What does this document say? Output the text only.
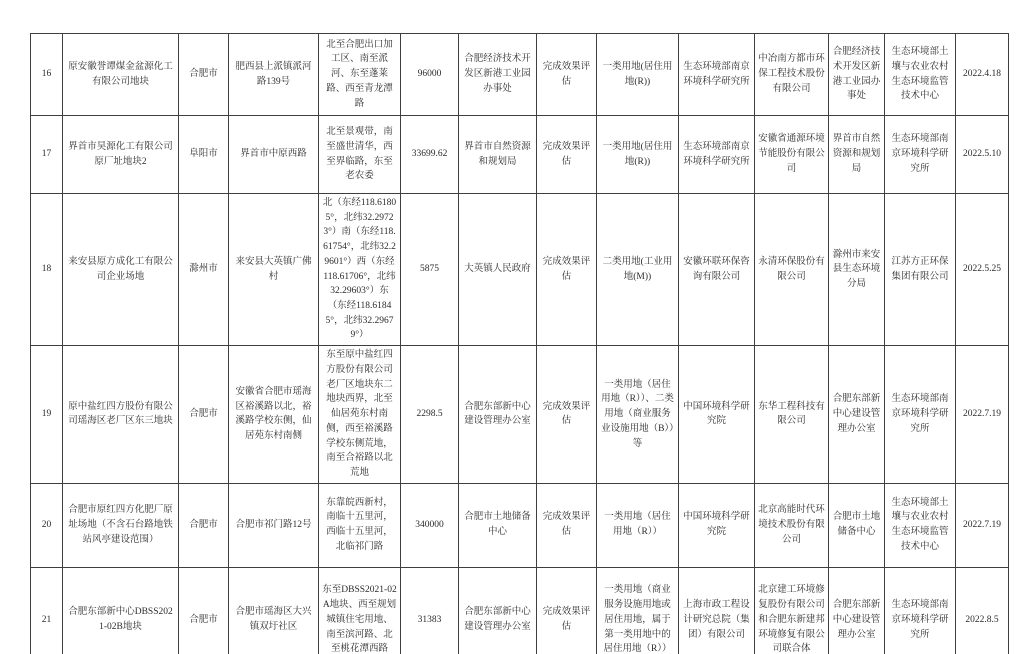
16	原安徽誉谭煤金盆源化工有限公司地块	合肥市	肥西县上派镇派河路139号	北至合肥出口加工区、南至派河、东至蓬莱路、西至青龙潭路	96000	合肥经济技术开发区新港工业园办事处	完成效果评估	一类用地(居住用地(R))	生态环境部南京环境科学研究所	中冶南方都市环保工程技术股份有限公司	合肥经济技术开发区新港工业园办事处	生态环境部土壤与农业农村生态环境监管技术中心	2022.4.18
17	界首市昊源化工有限公司原厂址地块2	阜阳市	界首市中原西路	北至景观带，南至盛世清华，西至界临路，东至老农委	33699.62	界首市自然资源和规划局	完成效果评估	一类用地(居住用地(R))	生态环境部南京环境科学研究所	安徽省通源环境节能股份有限公司	界首市自然资源和规划局	生态环境部南京环境科学研究所	2022.5.10
18	来安县原方成化工有限公司企业场地	滁州市	来安县大英镇广佛村	北（东经118.61805°，北纬32.29723°）南（东经118.61754°，北纬32.29601°）西（东经118.61706°，北纬32.29603°）东（东经118.61845°，北纬32.29679°）	5875	大英镇人民政府	完成效果评估	二类用地(工业用地(M))	安徽环联环保咨询有限公司	永清环保股份有限公司	滁州市来安县生态环境分局	江苏方正环保集团有限公司	2022.5.25
19	原中盐红四方股份有限公司瑶海区老厂区东三地块	合肥市	安徽省合肥市瑶海区裕溪路以北，裕溪路学校东侧，仙居苑东村南侧	东至原中盐红四方股份有限公司老厂区地块东二地块西界，北至仙居苑东村南侧，西至裕溪路学校东侧荒地，南至合裕路以北荒地	2298.5	合肥东部新中心建设管理办公室	完成效果评估	一类用地（居住用地（R））、二类用地（商业服务业设施用地（B））等	中国环境科学研究院	东华工程科技有限公司	合肥东部新中心建设管理办公室	生态环境部南京环境科学研究所	2022.7.19
20	合肥市原红四方化肥厂原址场地（不含石台路地铁站风亭建设范围）	合肥市	合肥市祁门路12号	东靠皖西新村，南临十五里河，西临十五里河，北临祁门路	340000	合肥市土地储备中心	完成效果评估	一类用地（居住用地（R））	中国环境科学研究院	北京高能时代环境技术股份有限公司	合肥市土地储备中心	生态环境部土壤与农业农村生态环境监管技术中心	2022.7.19
21	合肥东部新中心DBSS2021-02B地块	合肥市	合肥市瑶海区大兴镇双圩社区	东至DBSS2021-02A地块、西至规划城镇住宅用地、南至滨河路、北至桃花潭西路	31383	合肥东部新中心建设管理办公室	完成效果评估	一类用地（商业服务设施用地或居住用地，属于第一类用地中的居住用地（R））	上海市政工程设计研究总院（集团）有限公司	北京建工环境修复股份有限公司和合肥东新建邦环境修复有限公司联合体	合肥东部新中心建设管理办公室	生态环境部南京环境科学研究所	2022.8.5
